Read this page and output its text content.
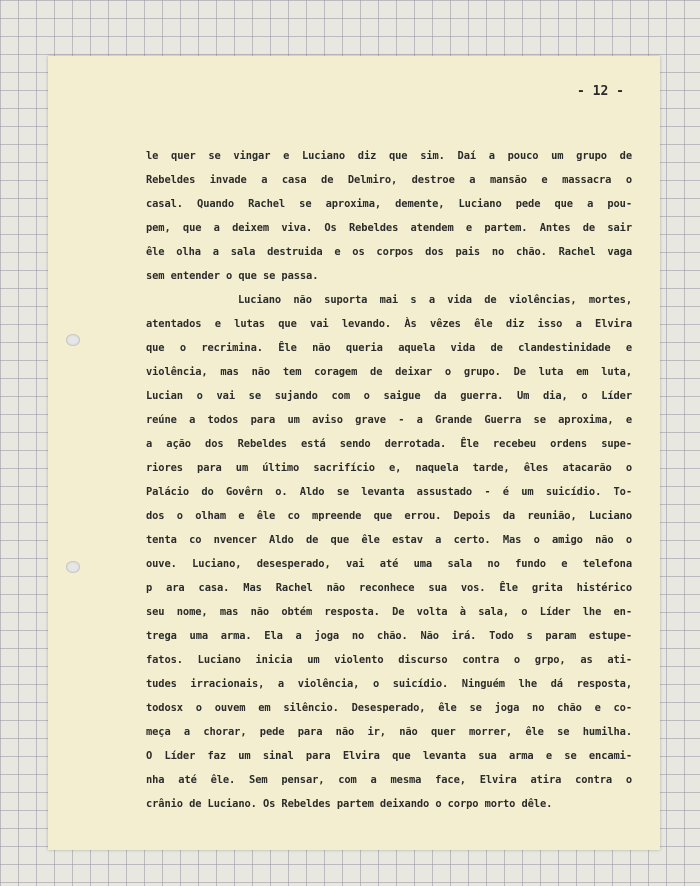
- 12 -
le quer se vingar e Luciano diz que sim. Daí a pouco um grupo de
Rebeldes invade a casa de Delmiro, destroe a mansão e massacra o
casal. Quando Rachel se aproxima, demente, Luciano pede que a pou-
pem, que a deixem viva. Os Rebeldes atendem e partem. Antes de sair
êle olha a sala destruida e os corpos dos pais no chão. Rachel vaga
sem entender o que se passa.
Luciano não suporta mai s a vida de violências, mortes,
atentados e lutas que vai levando. Às vêzes êle diz isso a Elvira
que o recrimina. Êle não queria aquela vida de clandestinidade e
violência, mas não tem coragem de deixar o grupo. De luta em luta,
Lucian o vai se sujando com o saigue da guerra. Um dia, o Líder
reúne a todos para um aviso grave - a Grande Guerra se aproxima, e
a ação dos Rebeldes está sendo derrotada. Êle recebeu ordens supe-
riores para um último sacrifício e, naquela tarde, êles atacarão o
Palácio do Govêrn o. Aldo se levanta assustado - é um suicídio. To-
dos o olham e êle co mpreende que errou. Depois da reunião, Luciano
tenta co nvencer Aldo de que êle estav a certo. Mas o amigo não o
ouve. Luciano, desesperado, vai até uma sala no fundo e telefona
p ara casa. Mas Rachel não reconhece sua vos. Êle grita histérico
seu nome, mas não obtém resposta. De volta à sala, o Líder lhe en-
trega uma arma. Ela a joga no chão. Não irá. Todo s param estupe-
fatos. Luciano inicia um violento discurso contra o grpo, as ati-
tudes irracionais, a violência, o suicídio. Ninguém lhe dá resposta,
todosx o ouvem em silêncio. Desesperado, êle se joga no chão e co-
meça a chorar, pede para não ir, não quer morrer, êle se humilha.
O Líder faz um sinal para Elvira que levanta sua arma e se encami-
nha até êle. Sem pensar, com a mesma face, Elvira atira contra o
crânio de Luciano. Os Rebeldes partem deixando o corpo morto dêle.
